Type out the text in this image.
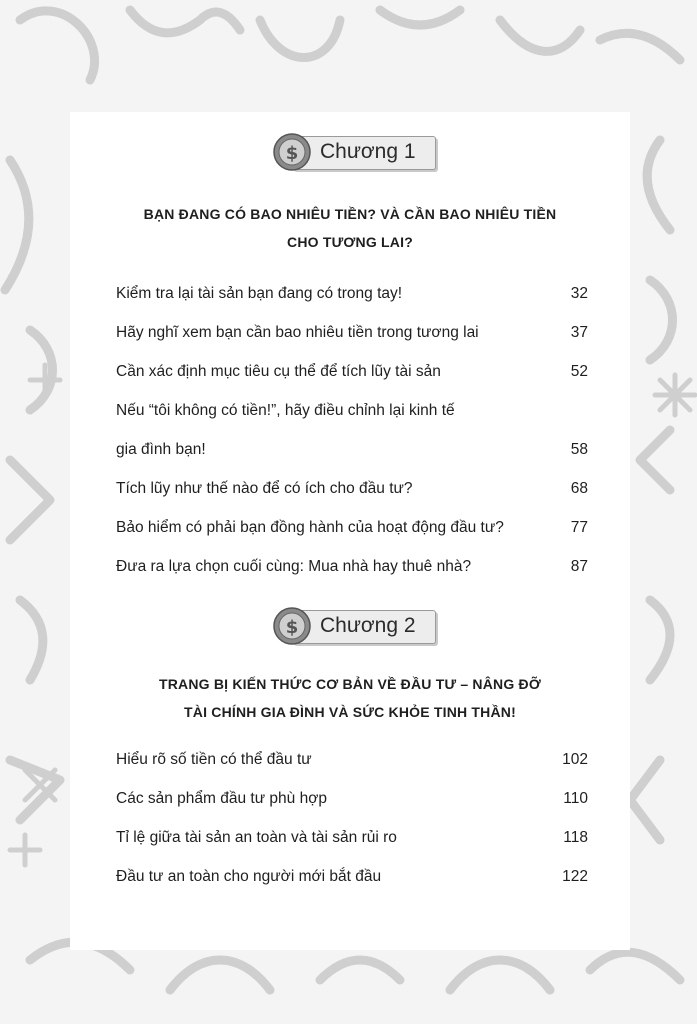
$ Chương 1
BẠN ĐANG CÓ BAO NHIÊU TIỀN? VÀ CẦN BAO NHIÊU TIỀN
CHO TƯƠNG LAI?
Kiểm tra lại tài sản bạn đang có trong tay!	32
Hãy nghĩ xem bạn cần bao nhiêu tiền trong tương lai	37
Cần xác định mục tiêu cụ thể để tích lũy tài sản	52
Nếu “tôi không có tiền!”, hãy điều chỉnh lại kinh tế
gia đình bạn!	58
Tích lũy như thế nào để có ích cho đầu tư?	68
Bảo hiểm có phải bạn đồng hành của hoạt động đầu tư?	77
Đưa ra lựa chọn cuối cùng: Mua nhà hay thuê nhà?	87
$ Chương 2
TRANG BỊ KIẾN THỨC CƠ BẢN VỀ ĐẦU TƯ – NÂNG ĐỠ
TÀI CHÍNH GIA ĐÌNH VÀ SỨC KHỎE TINH THẦN!
Hiểu rõ số tiền có thể đầu tư	102
Các sản phẩm đầu tư phù hợp	110
Tỉ lệ giữa tài sản an toàn và tài sản rủi ro	118
Đầu tư an toàn cho người mới bắt đầu	122
